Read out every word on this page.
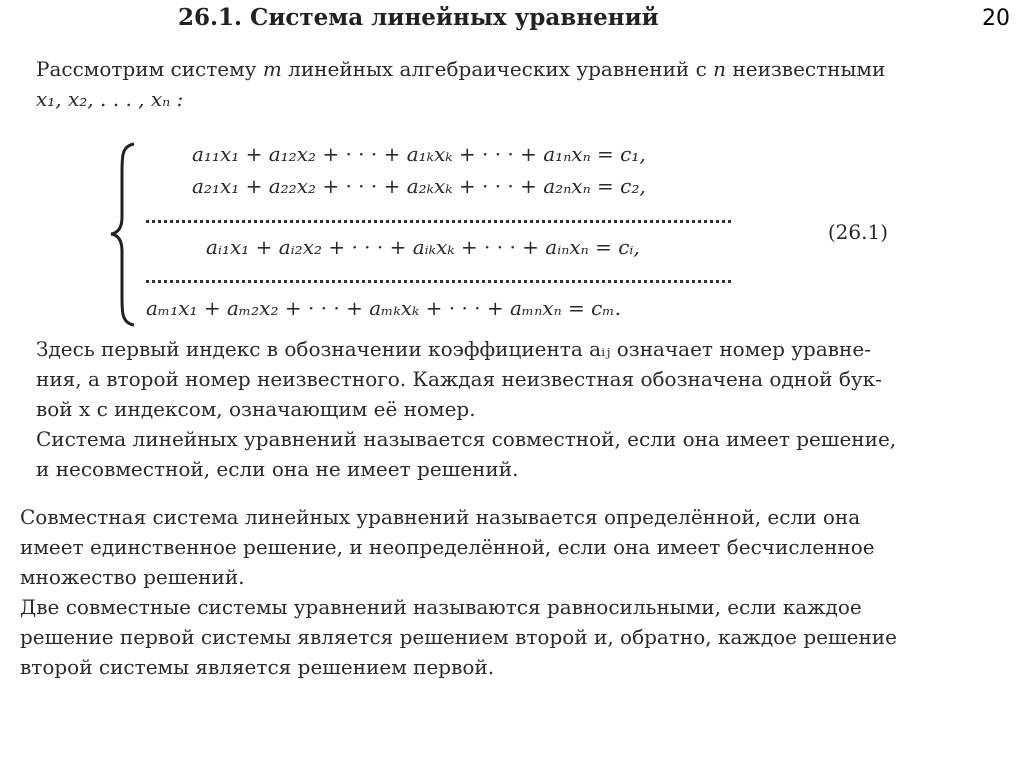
20
26.1. Система линейных уравнений
Рассмотрим систему m линейных алгебраических уравнений с n неизвестными
x₁, x₂, . . . , xₙ :
a₁₁x₁ + a₁₂x₂ + · · · + a₁ₖxₖ + · · · + a₁ₙxₙ = c₁,
a₂₁x₁ + a₂₂x₂ + · · · + a₂ₖxₖ + · · · + a₂ₙxₙ = c₂,
aᵢ₁x₁ + aᵢ₂x₂ + · · · + aᵢₖxₖ + · · · + aᵢₙxₙ = cᵢ,
aₘ₁x₁ + aₘ₂x₂ + · · · + aₘₖxₖ + · · · + aₘₙxₙ = cₘ.
(26.1)
Здесь первый индекс в обозначении коэффициента aᵢⱼ означает номер уравне-
ния, а второй номер неизвестного. Каждая неизвестная обозначена одной бук-
вой x с индексом, означающим её номер.
Система линейных уравнений называется совместной, если она имеет решение,
и несовместной, если она не имеет решений.
Совместная система линейных уравнений называется определённой, если она
имеет единственное решение, и неопределённой, если она имеет бесчисленное
множество решений.
Две совместные системы уравнений называются равносильными, если каждое
решение первой системы является решением второй и, обратно, каждое решение
второй системы является решением первой.
